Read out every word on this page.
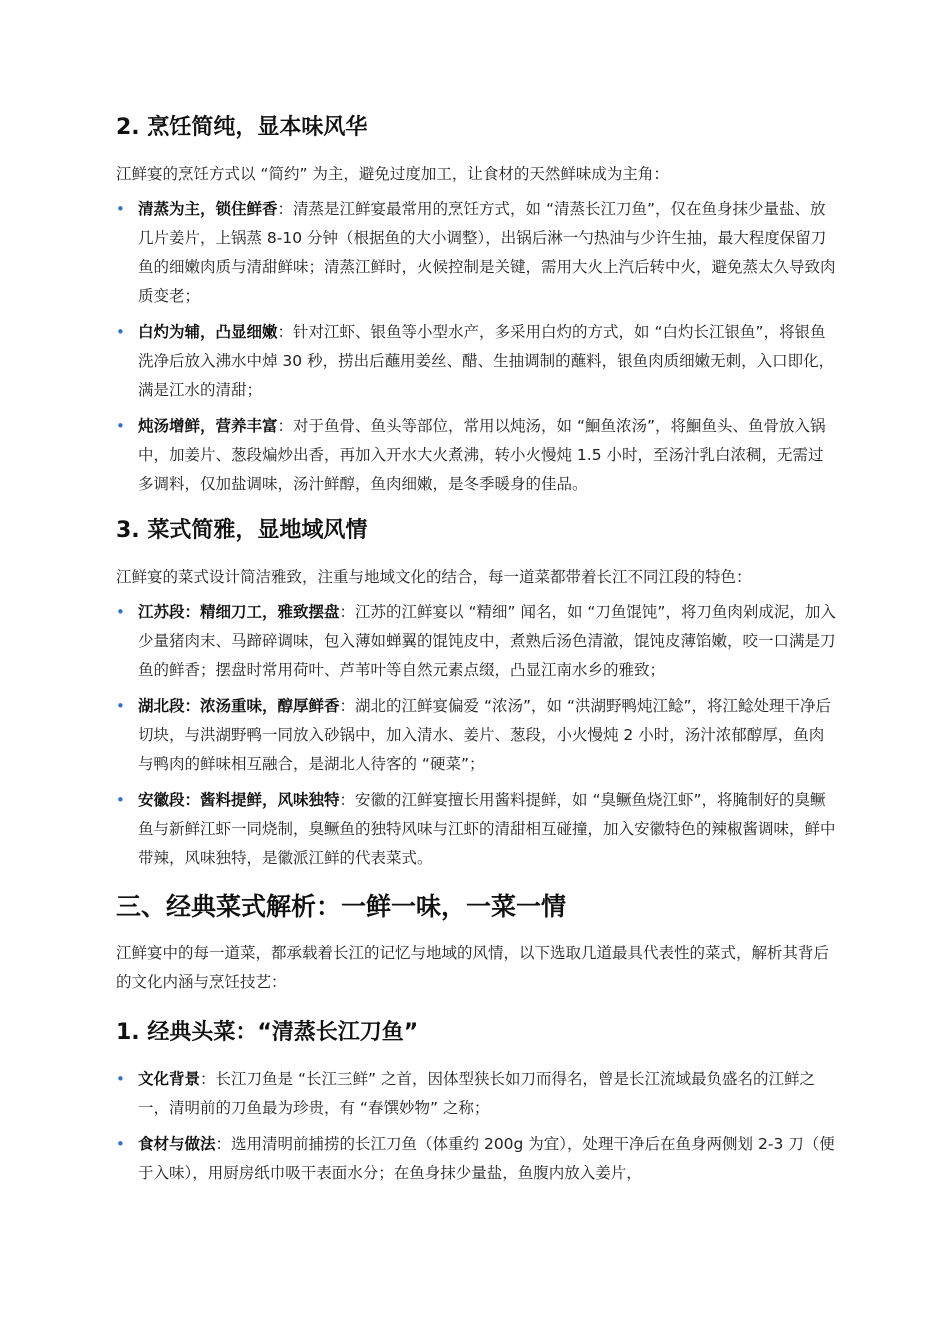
2. 烹饪简纯，显本味风华

江鲜宴的烹饪方式以 “简约” 为主，避免过度加工，让食材的天然鲜味成为主角：

• 清蒸为主，锁住鲜香：清蒸是江鲜宴最常用的烹饪方式，如 “清蒸长江刀鱼”，仅在鱼身抹少量盐、放几片姜片，上锅蒸 8-10 分钟（根据鱼的大小调整），出锅后淋一勺热油与少许生抽，最大程度保留刀鱼的细嫩肉质与清甜鲜味；清蒸江鲜时，火候控制是关键，需用大火上汽后转中火，避免蒸太久导致肉质变老；
• 白灼为辅，凸显细嫩：针对江虾、银鱼等小型水产，多采用白灼的方式，如 “白灼长江银鱼”，将银鱼洗净后放入沸水中焯 30 秒，捞出后蘸用姜丝、醋、生抽调制的蘸料，银鱼肉质细嫩无刺，入口即化，满是江水的清甜；
• 炖汤增鲜，营养丰富：对于鱼骨、鱼头等部位，常用以炖汤，如 “鮰鱼浓汤”，将鮰鱼头、鱼骨放入锅中，加姜片、葱段煸炒出香，再加入开水大火煮沸，转小火慢炖 1.5 小时，至汤汁乳白浓稠，无需过多调料，仅加盐调味，汤汁鲜醇，鱼肉细嫩，是冬季暖身的佳品。
3. 菜式简雅，显地域风情

江鲜宴的菜式设计简洁雅致，注重与地域文化的结合，每一道菜都带着长江不同江段的特色：

• 江苏段：精细刀工，雅致摆盘：江苏的江鲜宴以 “精细” 闻名，如 “刀鱼馄饨”，将刀鱼肉剁成泥，加入少量猪肉末、马蹄碎调味，包入薄如蝉翼的馄饨皮中，煮熟后汤色清澈，馄饨皮薄馅嫩，咬一口满是刀鱼的鲜香；摆盘时常用荷叶、芦苇叶等自然元素点缀，凸显江南水乡的雅致；
• 湖北段：浓汤重味，醇厚鲜香：湖北的江鲜宴偏爱 “浓汤”，如 “洪湖野鸭炖江鲶”，将江鲶处理干净后切块，与洪湖野鸭一同放入砂锅中，加入清水、姜片、葱段，小火慢炖 2 小时，汤汁浓郁醇厚，鱼肉与鸭肉的鲜味相互融合，是湖北人待客的 “硬菜”；
• 安徽段：酱料提鲜，风味独特：安徽的江鲜宴擅长用酱料提鲜，如 “臭鳜鱼烧江虾”，将腌制好的臭鳜鱼与新鲜江虾一同烧制，臭鳜鱼的独特风味与江虾的清甜相互碰撞，加入安徽特色的辣椒酱调味，鲜中带辣，风味独特，是徽派江鲜的代表菜式。
三、经典菜式解析：一鲜一味，一菜一情

江鲜宴中的每一道菜，都承载着长江的记忆与地域的风情，以下选取几道最具代表性的菜式，解析其背后的文化内涵与烹饪技艺：

1. 经典头菜：“清蒸长江刀鱼”
• 文化背景：长江刀鱼是 “长江三鲜” 之首，因体型狭长如刀而得名，曾是长江流域最负盛名的江鲜之一，清明前的刀鱼最为珍贵，有 “春馔妙物” 之称；
• 食材与做法：选用清明前捕捞的长江刀鱼（体重约 200g 为宜），处理干净后在鱼身两侧划 2-3 刀（便于入味），用厨房纸巾吸干表面水分；在鱼身抹少量盐，鱼腹内放入姜片，
